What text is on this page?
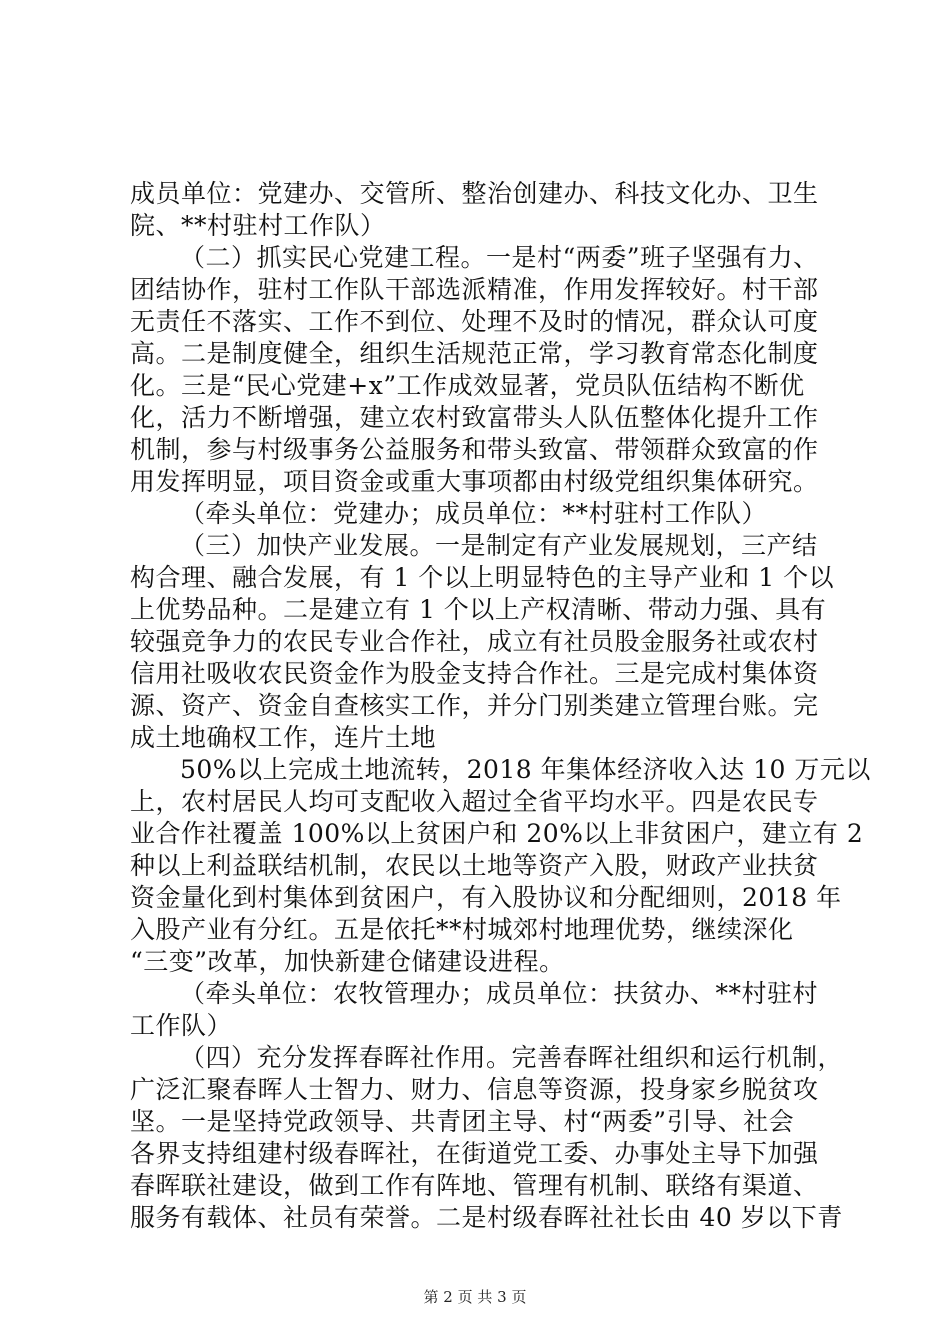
成员单位：党建办、交管所、整治创建办、科技文化办、卫生
院、**村驻村工作队）
（二）抓实民心党建工程。一是村“两委”班子坚强有力、
团结协作，驻村工作队干部选派精准，作用发挥较好。村干部
无责任不落实、工作不到位、处理不及时的情况，群众认可度
高。二是制度健全，组织生活规范正常，学习教育常态化制度
化。三是“民心党建+x”工作成效显著，党员队伍结构不断优
化，活力不断增强，建立农村致富带头人队伍整体化提升工作
机制，参与村级事务公益服务和带头致富、带领群众致富的作
用发挥明显，项目资金或重大事项都由村级党组织集体研究。
（牵头单位：党建办；成员单位：**村驻村工作队）
（三）加快产业发展。一是制定有产业发展规划，三产结
构合理、融合发展，有 1 个以上明显特色的主导产业和 1 个以
上优势品种。二是建立有 1 个以上产权清晰、带动力强、具有
较强竞争力的农民专业合作社，成立有社员股金服务社或农村
信用社吸收农民资金作为股金支持合作社。三是完成村集体资
源、资产、资金自查核实工作，并分门别类建立管理台账。完
成土地确权工作，连片土地
50%以上完成土地流转，2018 年集体经济收入达 10 万元以
上，农村居民人均可支配收入超过全省平均水平。四是农民专
业合作社覆盖 100%以上贫困户和 20%以上非贫困户，建立有 2
种以上利益联结机制，农民以土地等资产入股，财政产业扶贫
资金量化到村集体到贫困户，有入股协议和分配细则，2018 年
入股产业有分红。五是依托**村城郊村地理优势，继续深化
“三变”改革，加快新建仓储建设进程。
（牵头单位：农牧管理办；成员单位：扶贫办、**村驻村
工作队）
（四）充分发挥春晖社作用。完善春晖社组织和运行机制，
广泛汇聚春晖人士智力、财力、信息等资源，投身家乡脱贫攻
坚。一是坚持党政领导、共青团主导、村“两委”引导、社会
各界支持组建村级春晖社，在街道党工委、办事处主导下加强
春晖联社建设，做到工作有阵地、管理有机制、联络有渠道、
服务有载体、社员有荣誉。二是村级春晖社社长由 40 岁以下青
第 2 页 共 3 页
